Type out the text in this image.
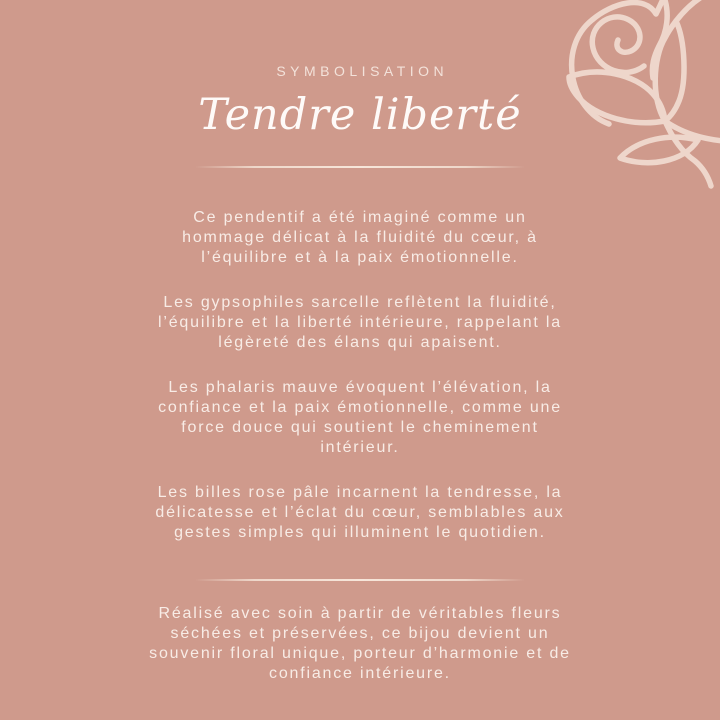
SYMBOLISATION
Tendre liberté

Ce pendentif a été imaginé comme un
hommage délicat à la fluidité du cœur, à
l’équilibre et à la paix émotionnelle.

Les gypsophiles sarcelle reflètent la fluidité,
l’équilibre et la liberté intérieure, rappelant la
légèreté des élans qui apaisent.

Les phalaris mauve évoquent l’élévation, la
confiance et la paix émotionnelle, comme une
force douce qui soutient le cheminement
intérieur.

Les billes rose pâle incarnent la tendresse, la
délicatesse et l’éclat du cœur, semblables aux
gestes simples qui illuminent le quotidien.

Réalisé avec soin à partir de véritables fleurs
séchées et préservées, ce bijou devient un
souvenir floral unique, porteur d’harmonie et de
confiance intérieure.
